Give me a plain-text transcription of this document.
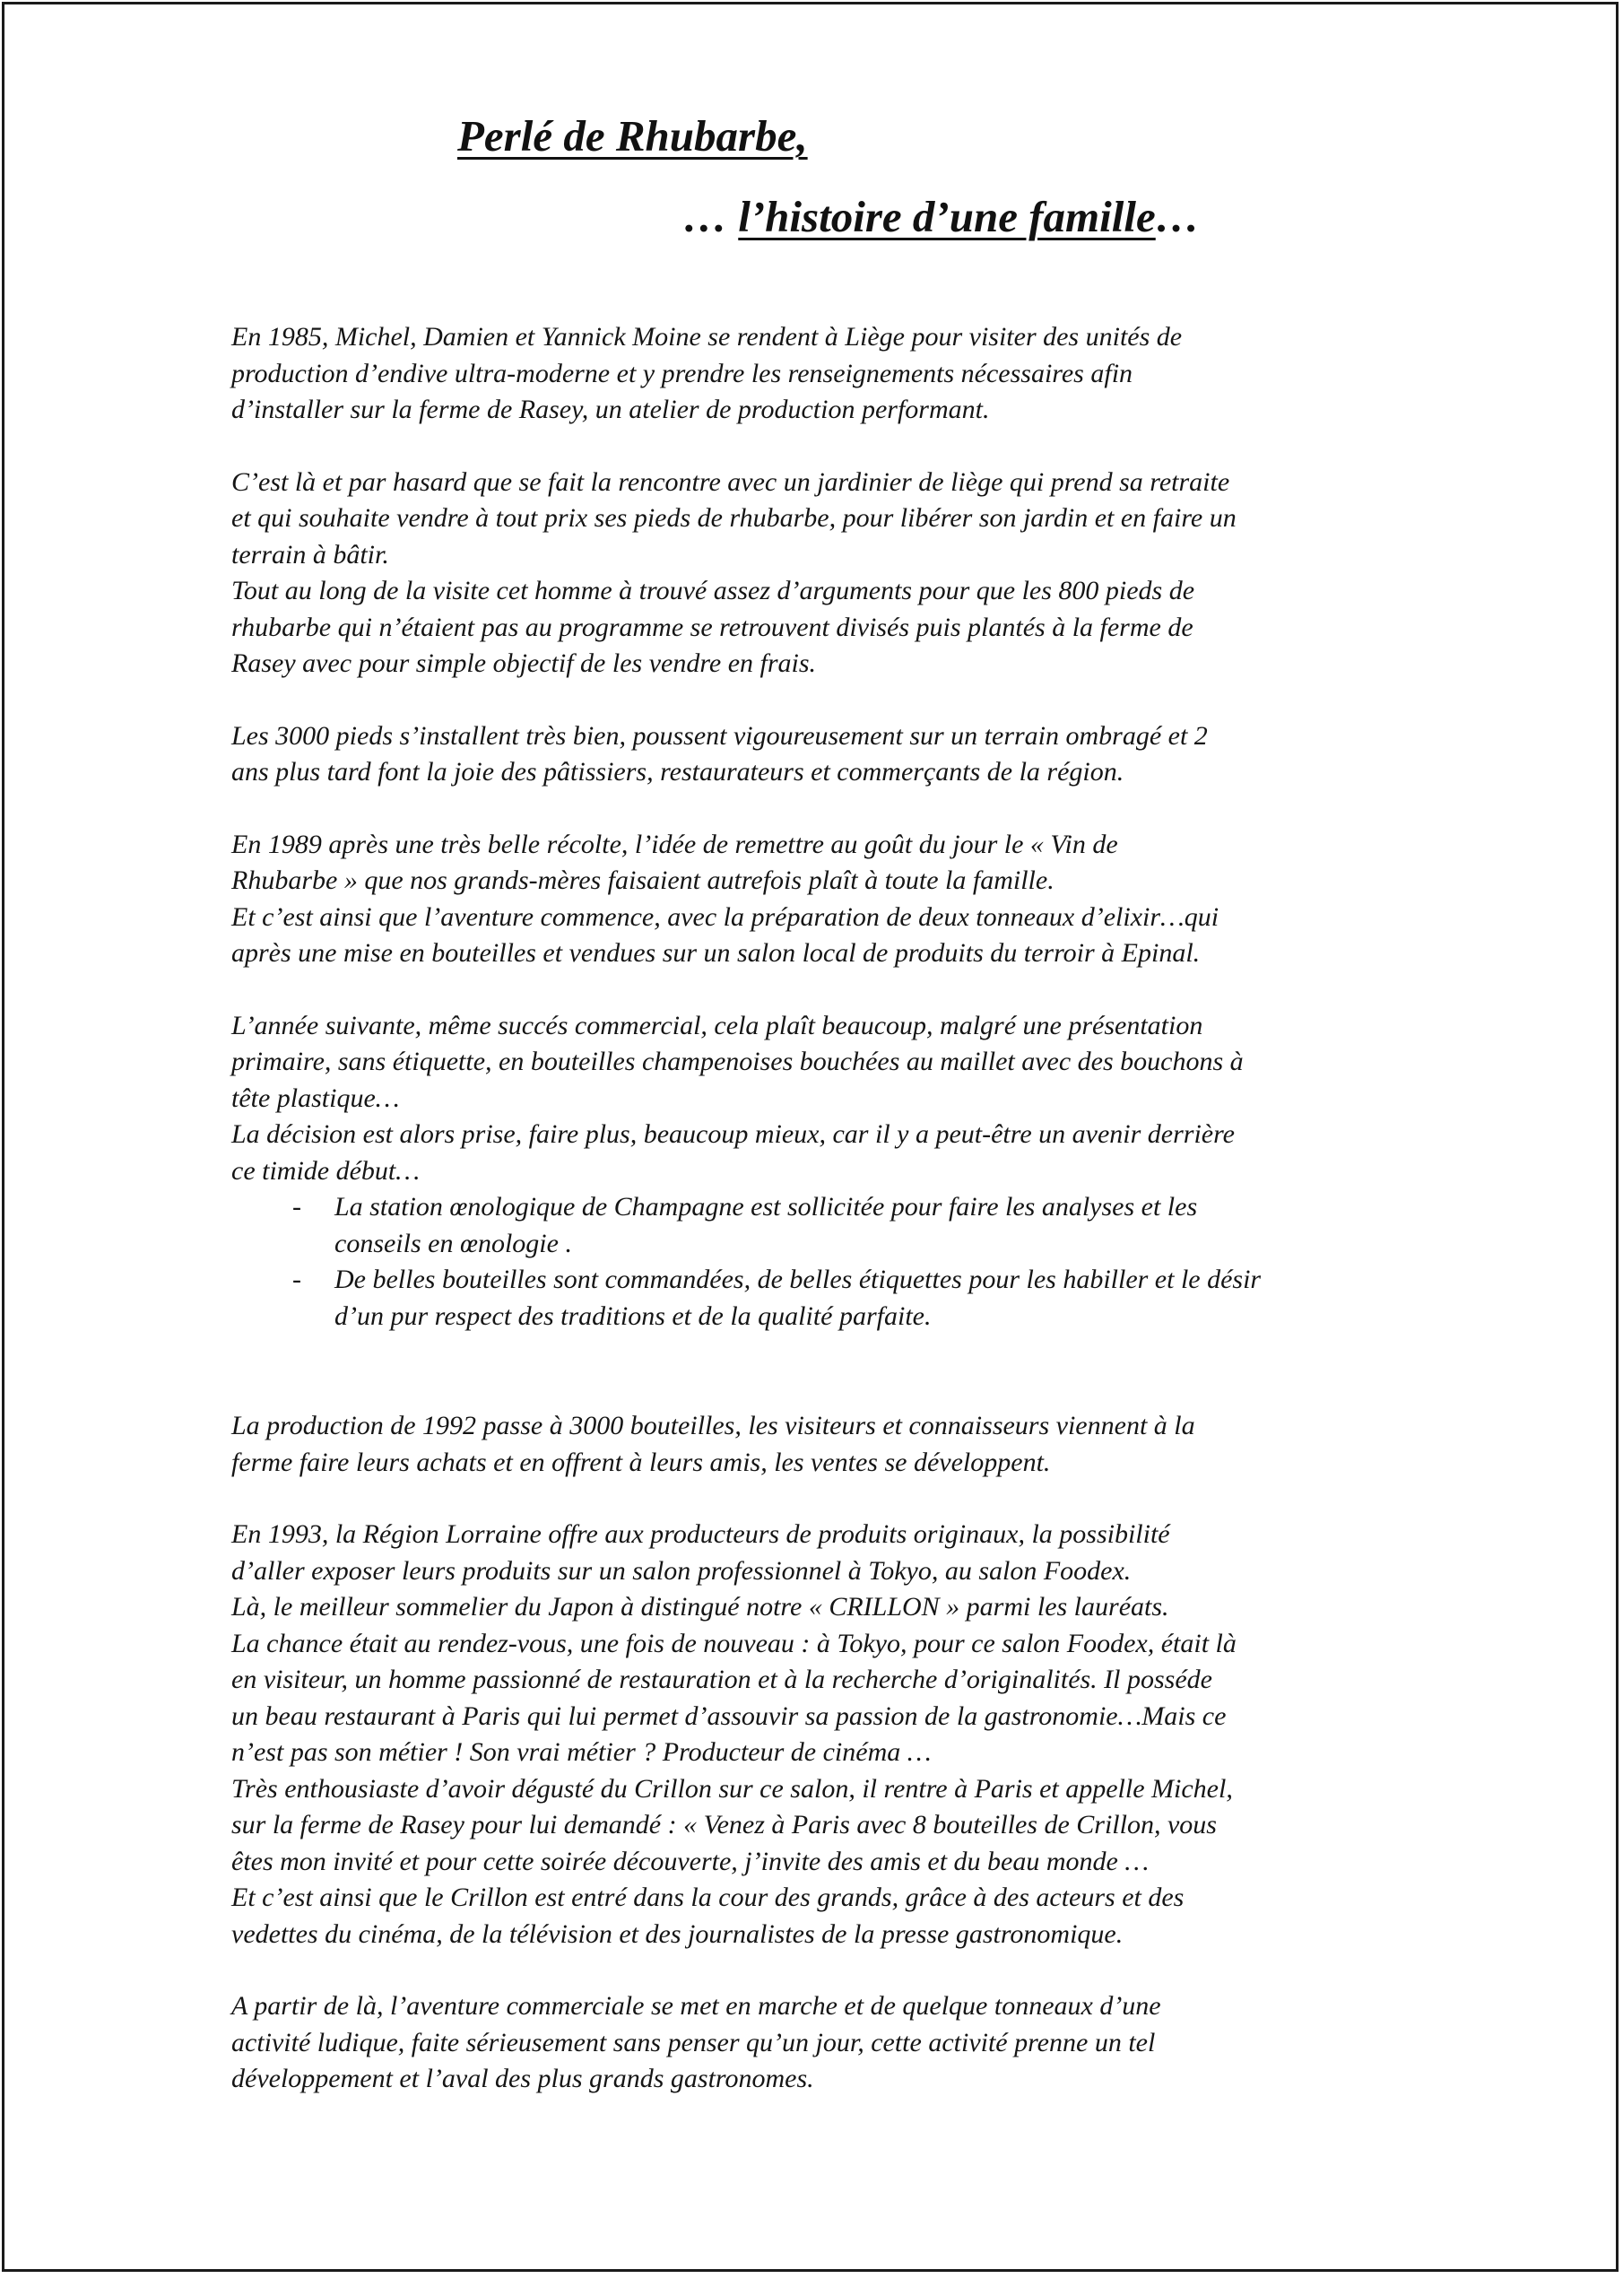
Perlé de Rhubarbe,
… l’histoire d’une famille…

En 1985, Michel, Damien et Yannick Moine se rendent à Liège pour visiter des unités de
production d’endive ultra-moderne et y prendre les renseignements nécessaires afin
d’installer sur la ferme de Rasey, un atelier de production performant.

C’est là et par hasard que se fait la rencontre avec un jardinier de liège qui prend sa retraite
et qui souhaite vendre à tout prix ses pieds de rhubarbe, pour libérer son jardin et en faire un
terrain à bâtir.
Tout au long de la visite cet homme à trouvé assez d’arguments pour que les 800 pieds de
rhubarbe qui n’étaient pas au programme se retrouvent divisés puis plantés à la ferme de
Rasey avec pour simple objectif de les vendre en frais.

Les 3000 pieds s’installent très bien, poussent vigoureusement sur un terrain ombragé et 2
ans plus tard font la joie des pâtissiers, restaurateurs et commerçants de la région.

En 1989 après une très belle récolte, l’idée de remettre au goût du jour le « Vin de
Rhubarbe » que nos grands-mères faisaient autrefois plaît à toute la famille.
Et c’est ainsi que l’aventure commence, avec la préparation de deux tonneaux d’elixir…qui
après une mise en bouteilles et vendues sur un salon local de produits du terroir à Epinal.

L’année suivante, même succés commercial, cela plaît beaucoup, malgré une présentation
primaire, sans étiquette, en bouteilles champenoises bouchées au maillet avec des bouchons à
tête plastique…
La décision est alors prise, faire plus, beaucoup mieux, car il y a peut-être un avenir derrière
ce timide début…
- La station œnologique de Champagne est sollicitée pour faire les analyses et les
conseils en œnologie .
- De belles bouteilles sont commandées, de belles étiquettes pour les habiller et le désir
d’un pur respect des traditions et de la qualité parfaite.

La production de 1992 passe à 3000 bouteilles, les visiteurs et connaisseurs viennent à la
ferme faire leurs achats et en offrent à leurs amis, les ventes se développent.

En 1993, la Région Lorraine offre aux producteurs de produits originaux, la possibilité
d’aller exposer leurs produits sur un salon professionnel à Tokyo, au salon Foodex.
Là, le meilleur sommelier du Japon à distingué notre « CRILLON » parmi les lauréats.
La chance était au rendez-vous, une fois de nouveau : à Tokyo, pour ce salon Foodex, était là
en visiteur, un homme passionné de restauration et à la recherche d’originalités. Il posséde
un beau restaurant à Paris qui lui permet d’assouvir sa passion de la gastronomie…Mais ce
n’est pas son métier ! Son vrai métier ? Producteur de cinéma …
Très enthousiaste d’avoir dégusté du Crillon sur ce salon, il rentre à Paris et appelle Michel,
sur la ferme de Rasey pour lui demandé : « Venez à Paris avec 8 bouteilles de Crillon, vous
êtes mon invité et pour cette soirée découverte, j’invite des amis et du beau monde …
Et c’est ainsi que le Crillon est entré dans la cour des grands, grâce à des acteurs et des
vedettes du cinéma, de la télévision et des journalistes de la presse gastronomique.

A partir de là, l’aventure commerciale se met en marche et de quelque tonneaux d’une
activité ludique, faite sérieusement sans penser qu’un jour, cette activité prenne un tel
développement et l’aval des plus grands gastronomes.
